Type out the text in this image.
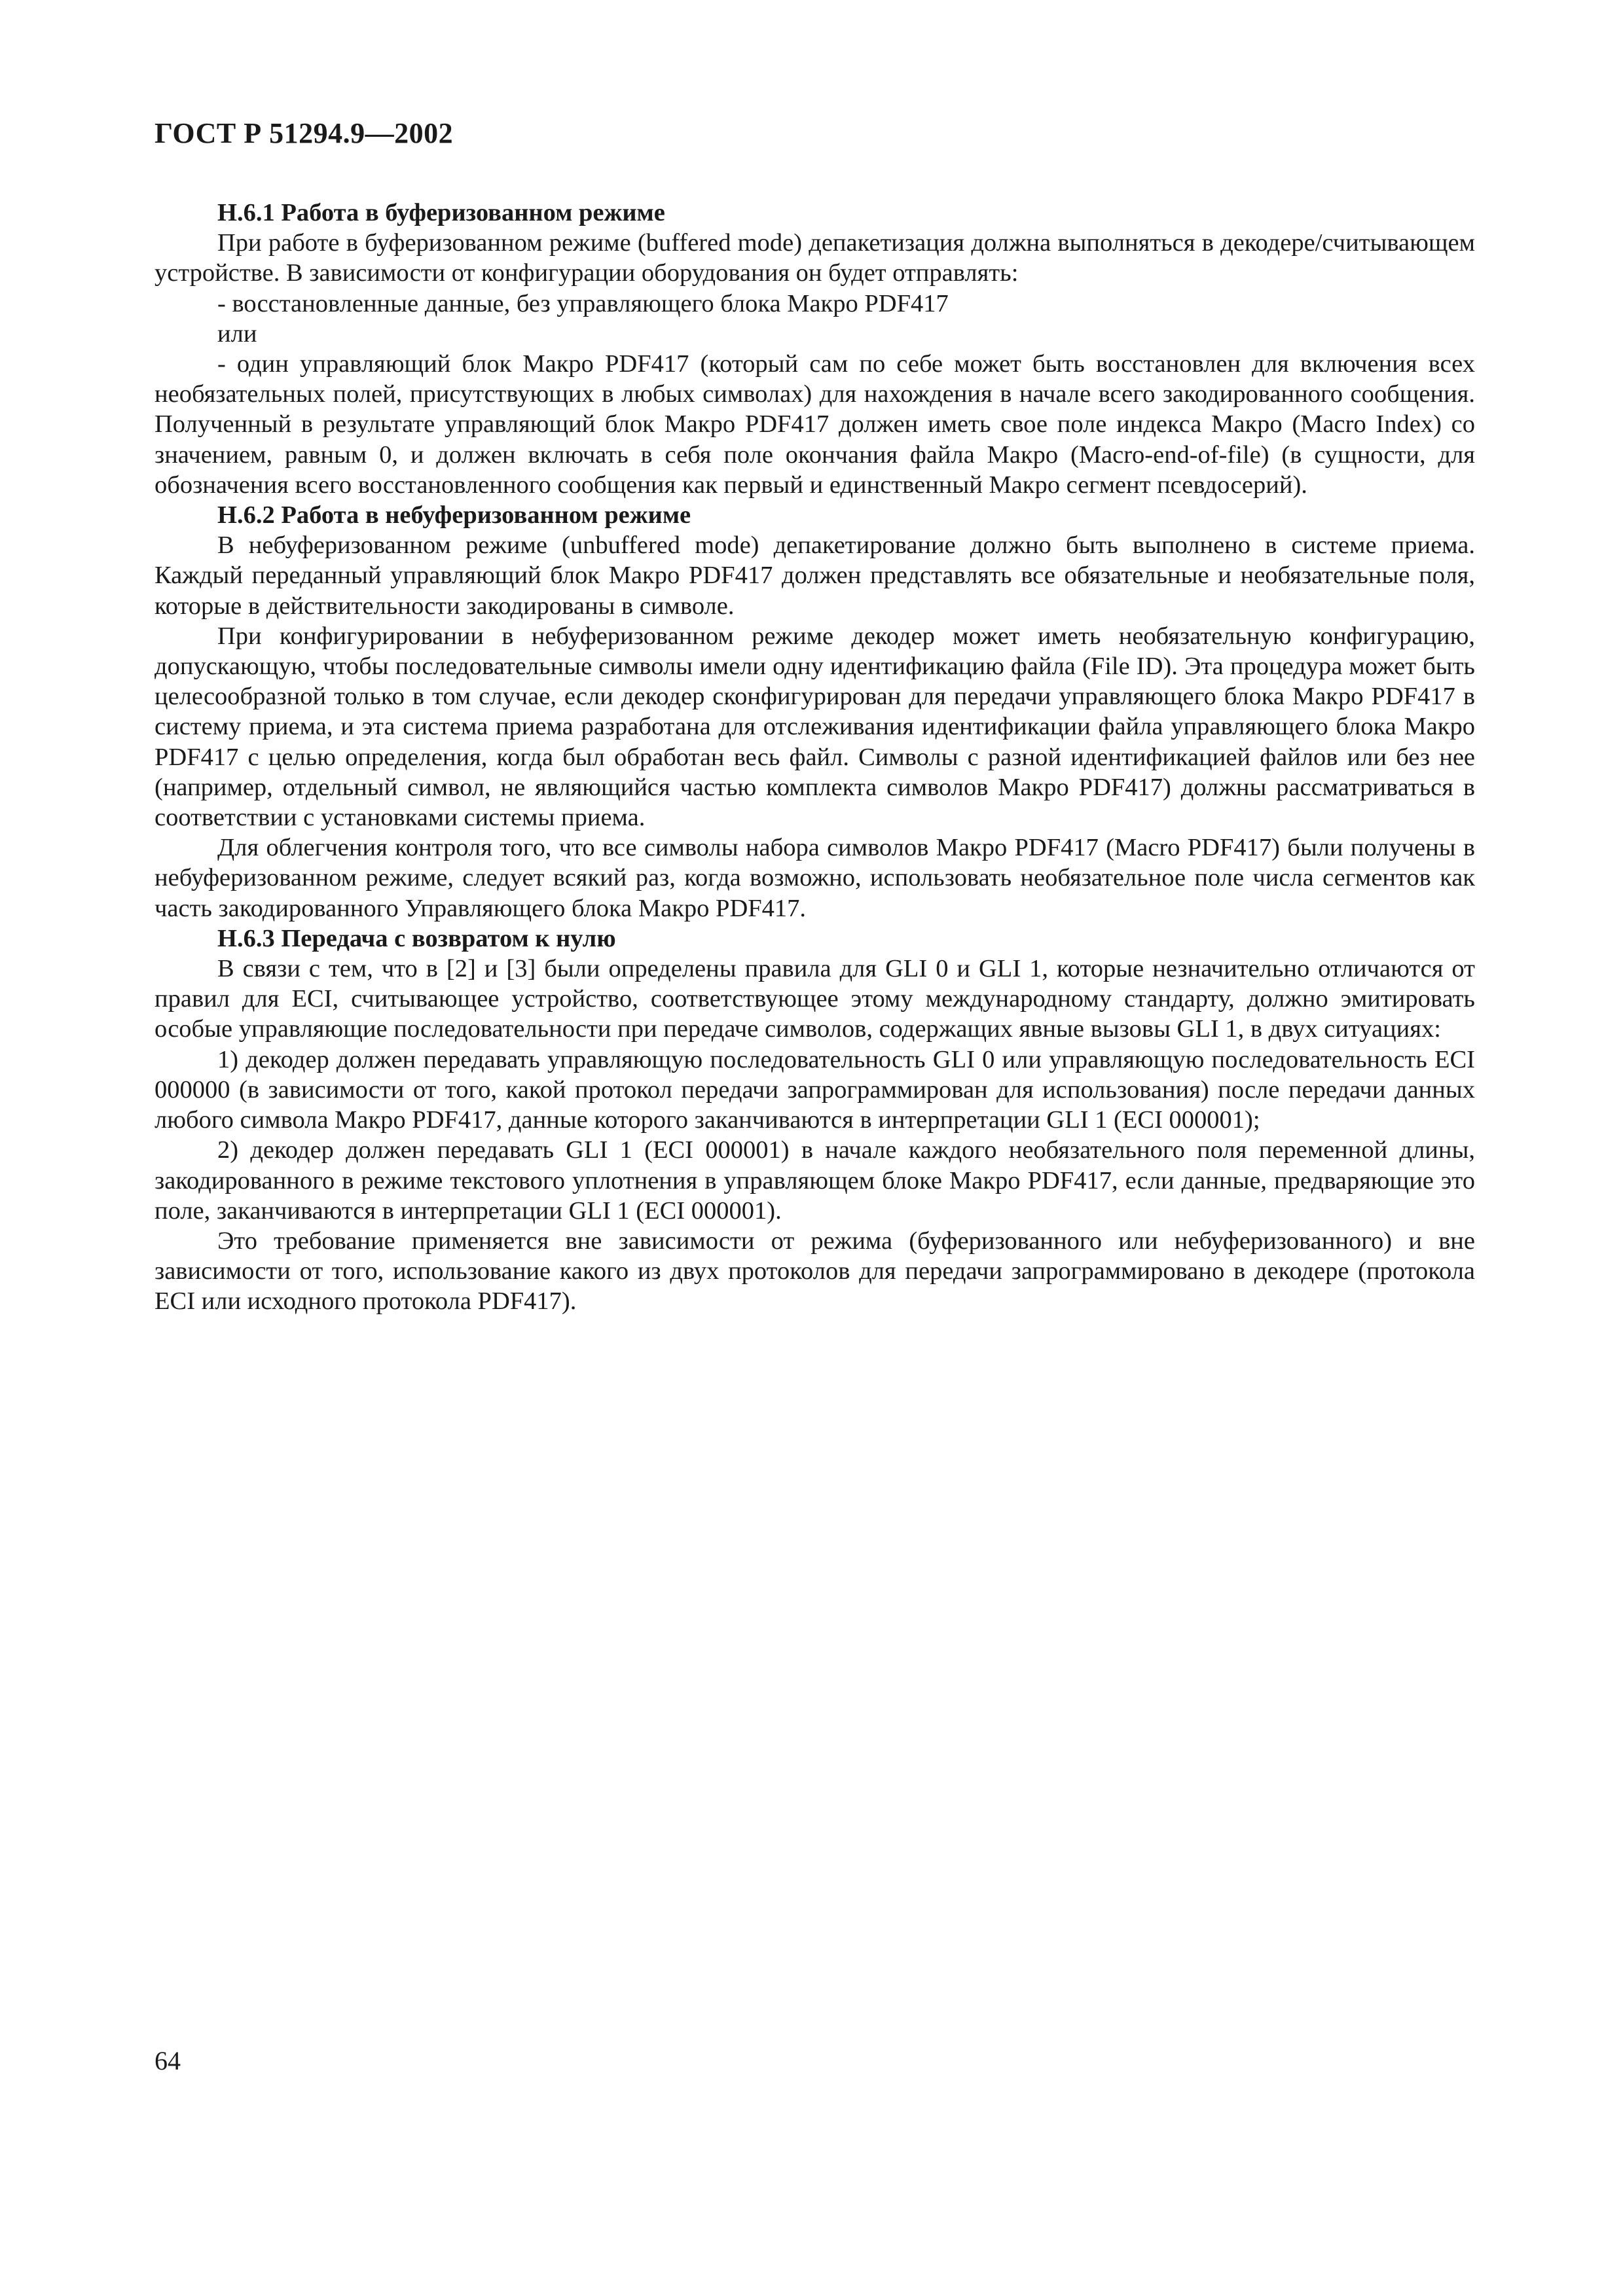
ГОСТ Р 51294.9—2002

Н.6.1 Работа в буферизованном режиме

При работе в буферизованном режиме (buffered mode) депакетизация должна выполняться в декодере/считывающем устройстве. В зависимости от конфигурации оборудования он будет отправлять:

- восстановленные данные, без управляющего блока Макро PDF417

или

- один управляющий блок Макро PDF417 (который сам по себе может быть восстановлен для включения всех необязательных полей, присутствующих в любых символах) для нахождения в начале всего закодированного сообщения. Полученный в результате управляющий блок Макро PDF417 должен иметь свое поле индекса Макро (Macro Index) со значением, равным 0, и должен включать в себя поле окончания файла Макро (Macro-end-of-file) (в сущности, для обозначения всего восстановленного сообщения как первый и единственный Макро сегмент псевдосерий).

Н.6.2 Работа в небуферизованном режиме

В небуферизованном режиме (unbuffered mode) депакетирование должно быть выполнено в системе приема. Каждый переданный управляющий блок Макро PDF417 должен представлять все обязательные и необязательные поля, которые в действительности закодированы в символе.

При конфигурировании в небуферизованном режиме декодер может иметь необязательную конфигурацию, допускающую, чтобы последовательные символы имели одну идентификацию файла (File ID). Эта процедура может быть целесообразной только в том случае, если декодер сконфигурирован для передачи управляющего блока Макро PDF417 в систему приема, и эта система приема разработана для отслеживания идентификации файла управляющего блока Макро PDF417 с целью определения, когда был обработан весь файл. Символы с разной идентификацией файлов или без нее (например, отдельный символ, не являющийся частью комплекта символов Макро PDF417) должны рассматриваться в соответствии с установками системы приема.

Для облегчения контроля того, что все символы набора символов Макро PDF417 (Macro PDF417) были получены в небуферизованном режиме, следует всякий раз, когда возможно, использовать необязательное поле числа сегментов как часть закодированного Управляющего блока Макро PDF417.

Н.6.3 Передача с возвратом к нулю

В связи с тем, что в [2] и [3] были определены правила для GLI 0 и GLI 1, которые незначительно отличаются от правил для ECI, считывающее устройство, соответствующее этому международному стандарту, должно эмитировать особые управляющие последовательности при передаче символов, содержащих явные вызовы GLI 1, в двух ситуациях:

1) декодер должен передавать управляющую последовательность GLI 0 или управляющую последовательность ECI 000000 (в зависимости от того, какой протокол передачи запрограммирован для использования) после передачи данных любого символа Макро PDF417, данные которого заканчиваются в интерпретации GLI 1 (ECI 000001);

2) декодер должен передавать GLI 1 (ECI 000001) в начале каждого необязательного поля переменной длины, закодированного в режиме текстового уплотнения в управляющем блоке Макро PDF417, если данные, предваряющие это поле, заканчиваются в интерпретации GLI 1 (ECI 000001).

Это требование применяется вне зависимости от режима (буферизованного или небуферизованного) и вне зависимости от того, использование какого из двух протоколов для передачи запрограммировано в декодере (протокола ECI или исходного протокола PDF417).

64
